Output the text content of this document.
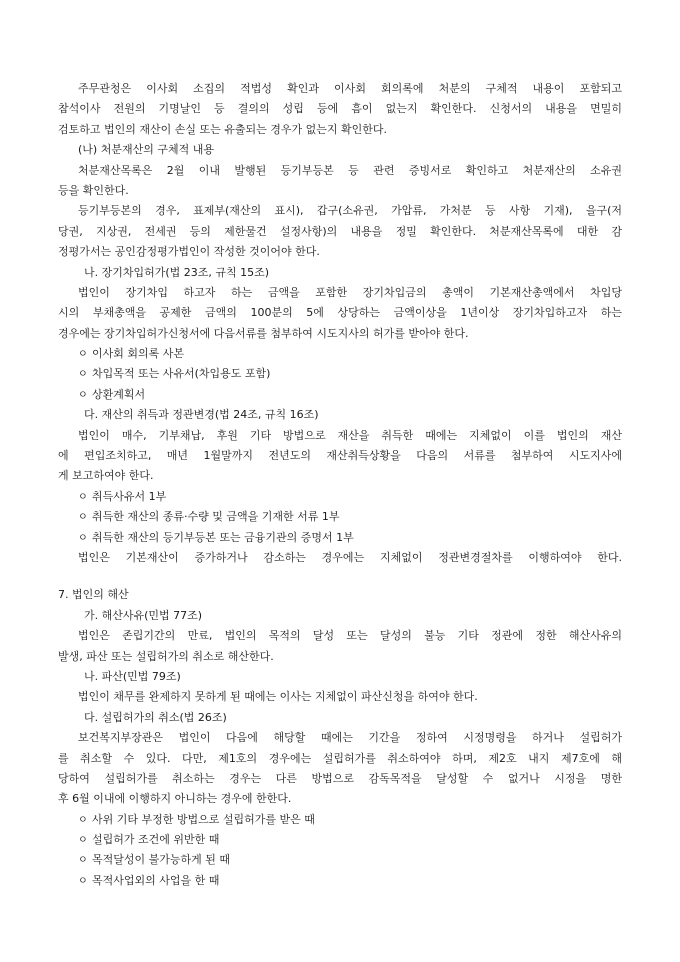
주무관청은 이사회 소집의 적법성 확인과 이사회 회의록에 처분의 구체적 내용이 포함되고
참석이사 전원의 기명날인 등 결의의 성립 등에 흠이 없는지 확인한다. 신청서의 내용을 면밀히
검토하고 법인의 재산이 손실 또는 유출되는 경우가 없는지 확인한다.
(나) 처분재산의 구체적 내용
처분재산목록은 2월 이내 발행된 등기부등본 등 관련 증빙서로 확인하고 처분재산의 소유권
등을 확인한다.
등기부등본의 경우, 표제부(재산의 표시), 갑구(소유권, 가압류, 가처분 등 사항 기재), 을구(저
당권, 지상권, 전세권 등의 제한물건 설정사항)의 내용을 정밀 확인한다. 처분재산목록에 대한 감
정평가서는 공인감정평가법인이 작성한 것이어야 한다.
나. 장기차입허가(법 23조, 규칙 15조)
법인이 장기차입 하고자 하는 금액을 포함한 장기차입금의 총액이 기본재산총액에서 차입당
시의 부채총액을 공제한 금액의 100분의 5에 상당하는 금액이상을 1년이상 장기차입하고자 하는
경우에는 장기차입허가신청서에 다음서류를 첨부하여 시도지사의 허가를 받아야 한다.
ㅇ 이사회 회의록 사본
ㅇ 차입목적 또는 사유서(차입용도 포함)
ㅇ 상환계획서
다. 재산의 취득과 정관변경(법 24조, 규칙 16조)
법인이 매수, 기부채납, 후원 기타 방법으로 재산을 취득한 때에는 지체없이 이를 법인의 재산
에 편입조치하고, 매년 1월말까지 전년도의 재산취득상황을 다음의 서류를 첨부하여 시도지사에
게 보고하여야 한다.
ㅇ 취득사유서 1부
ㅇ 취득한 재산의 종류·수량 및 금액을 기재한 서류 1부
ㅇ 취득한 재산의 등기부등본 또는 금융기관의 증명서 1부
법인은 기본재산이 증가하거나 감소하는 경우에는 지체없이 정관변경절차를 이행하여야 한다.
7. 법인의 해산
가. 해산사유(민법 77조)
법인은 존립기간의 만료, 법인의 목적의 달성 또는 달성의 불능 기타 정관에 정한 해산사유의
발생, 파산 또는 설립허가의 취소로 해산한다.
나. 파산(민법 79조)
법인이 채무를 완제하지 못하게 된 때에는 이사는 지체없이 파산신청을 하여야 한다.
다. 설립허가의 취소(법 26조)
보건복지부장관은 법인이 다음에 해당할 때에는 기간을 정하여 시정명령을 하거나 설립허가
를 취소할 수 있다. 다만, 제1호의 경우에는 설립허가를 취소하여야 하며, 제2호 내지 제7호에 해
당하여 설립허가를 취소하는 경우는 다른 방법으로 감독목적을 달성할 수 없거나 시정을 명한
후 6월 이내에 이행하지 아니하는 경우에 한한다.
ㅇ 사위 기타 부정한 방법으로 설립허가를 받은 때
ㅇ 설립허가 조건에 위반한 때
ㅇ 목적달성이 불가능하게 된 때
ㅇ 목적사업외의 사업을 한 때
